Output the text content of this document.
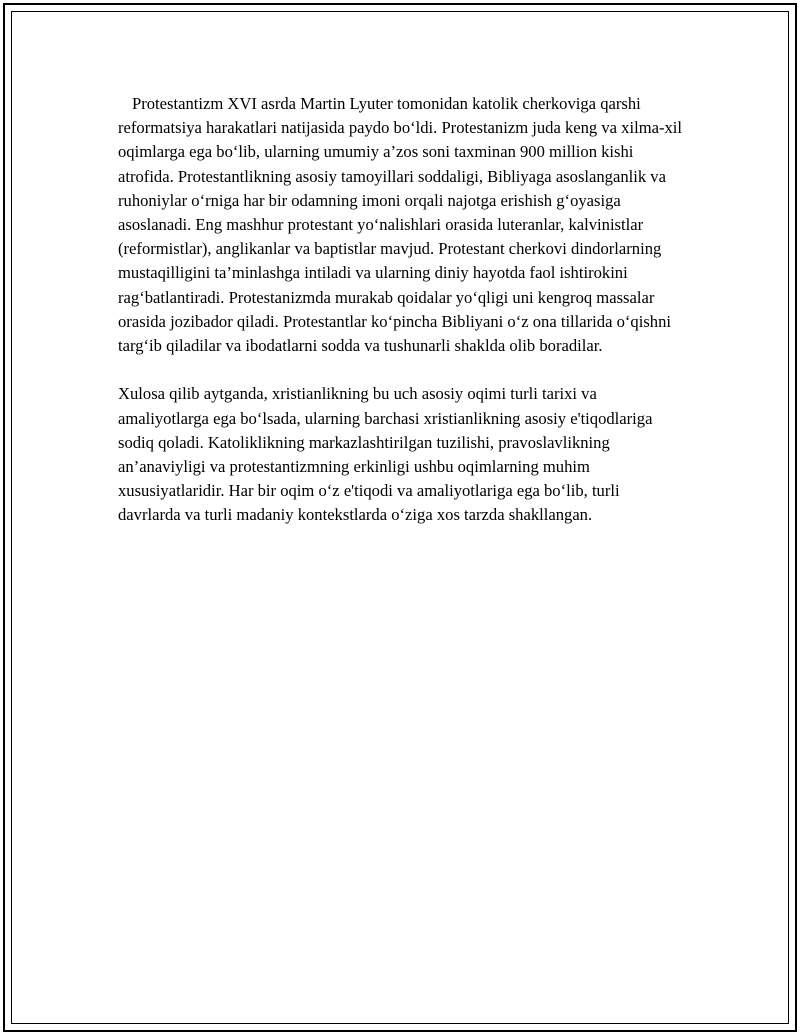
Protestantizm XVI asrda Martin Lyuter tomonidan katolik cherkoviga qarshi reformatsiya harakatlari natijasida paydo bo‘ldi. Protestanizm juda keng va xilma-xil oqimlarga ega bo‘lib, ularning umumiy a’zos soni taxminan 900 million kishi atrofida. Protestantlikning asosiy tamoyillari soddaligi, Bibliyaga asoslanganlik va ruhoniylar o‘rniga har bir odamning imoni orqali najotga erishish g‘oyasiga asoslanadi. Eng mashhur protestant yo‘nalishlari orasida luteranlar, kalvinistlar (reformistlar), anglikanlar va baptistlar mavjud. Protestant cherkovi dindorlarning mustaqilligini ta’minlashga intiladi va ularning diniy hayotda faol ishtirokini rag‘batlantiradi. Protestanizmda murakab qoidalar yo‘qligi uni kengroq massalar orasida jozibador qiladi. Protestantlar ko‘pincha Bibliyani o‘z ona tillarida o‘qishni targ‘ib qiladilar va ibodatlarni sodda va tushunarli shaklda olib boradilar.

Xulosa qilib aytganda, xristianlikning bu uch asosiy oqimi turli tarixi va amaliyotlarga ega bo‘lsada, ularning barchasi xristianlikning asosiy e'tiqodlariga sodiq qoladi. Katoliklikning markazlashtirilgan tuzilishi, pravoslavlikning an’anaviyligi va protestantizmning erkinligi ushbu oqimlarning muhim xususiyatlaridir. Har bir oqim o‘z e'tiqodi va amaliyotlariga ega bo‘lib, turli davrlarda va turli madaniy kontekstlarda o‘ziga xos tarzda shakllangan.
